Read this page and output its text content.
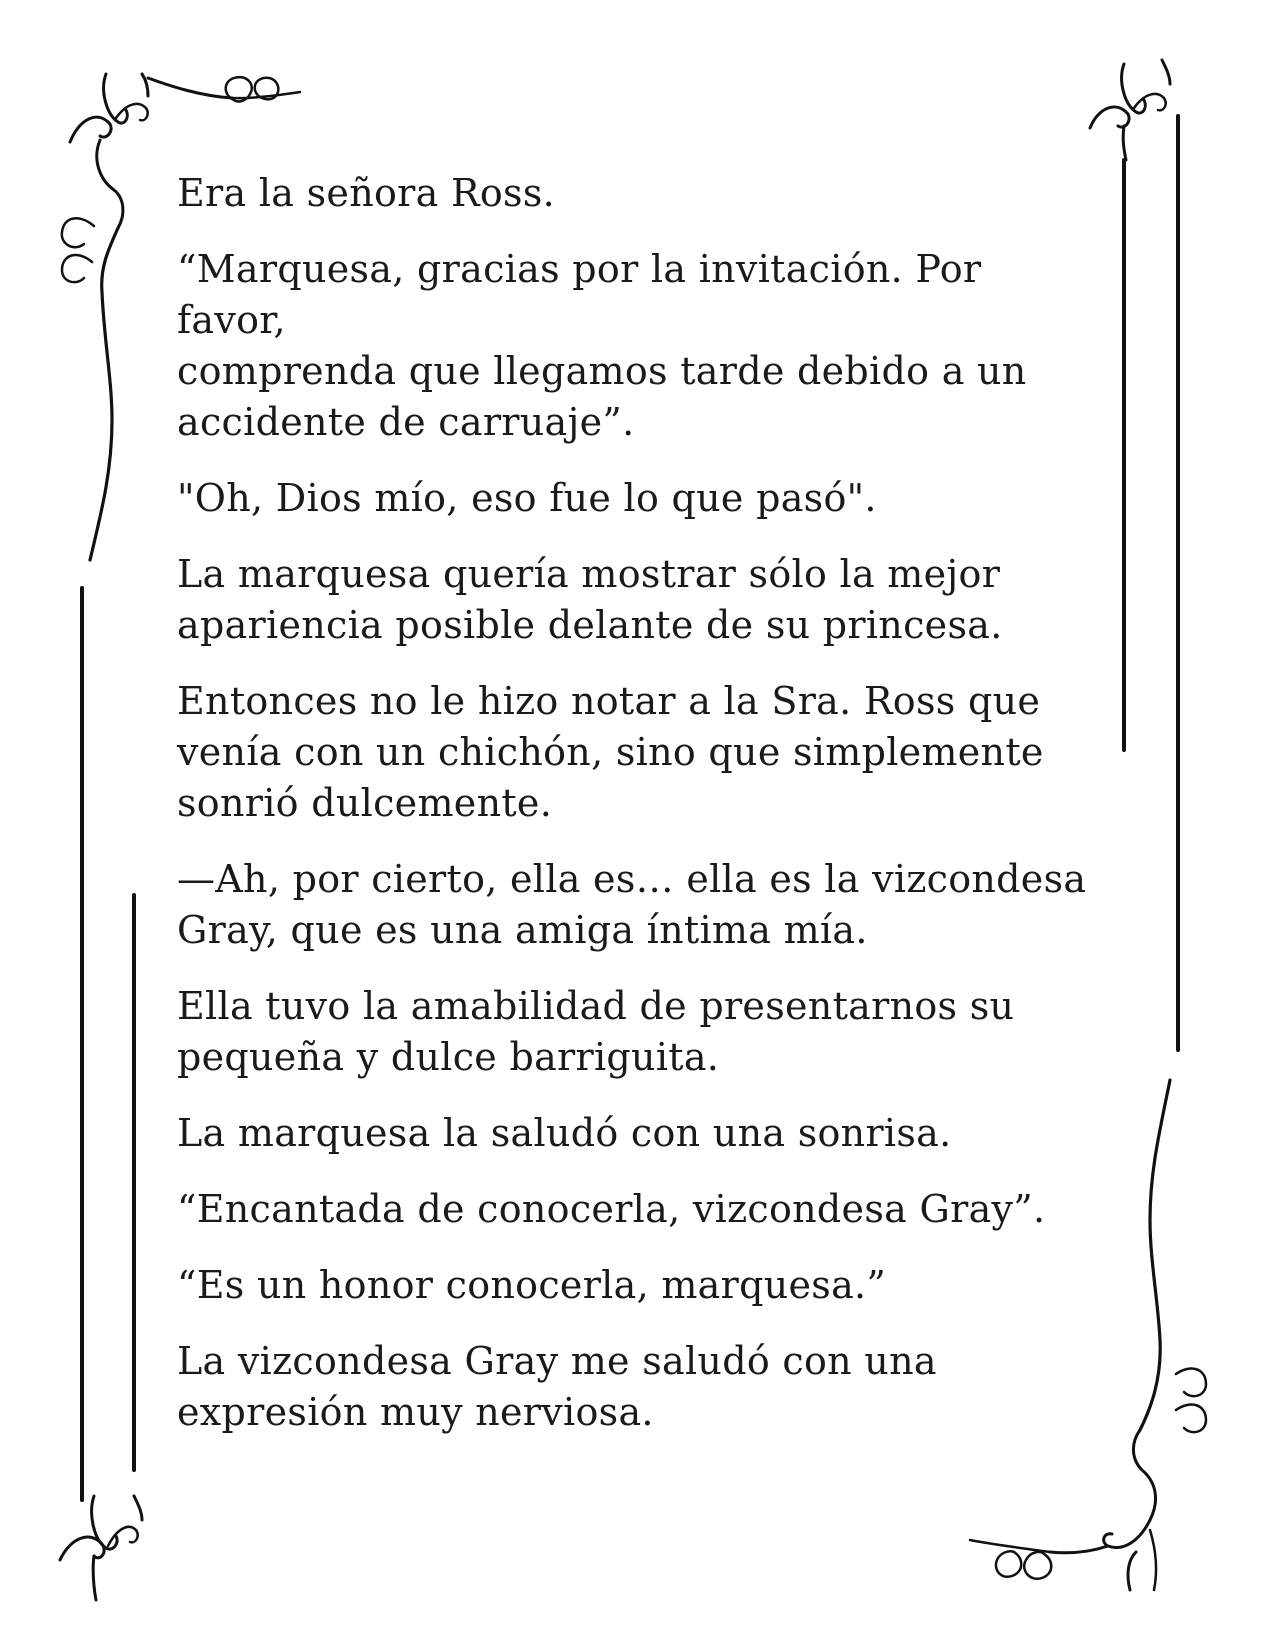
Era la señora Ross.

“Marquesa, gracias por la invitación. Por favor,
comprenda que llegamos tarde debido a un
accidente de carruaje”.

"Oh, Dios mío, eso fue lo que pasó".

La marquesa quería mostrar sólo la mejor
apariencia posible delante de su princesa.

Entonces no le hizo notar a la Sra. Ross que
venía con un chichón, sino que simplemente
sonrió dulcemente.

—Ah, por cierto, ella es… ella es la vizcondesa
Gray, que es una amiga íntima mía.

Ella tuvo la amabilidad de presentarnos su
pequeña y dulce barriguita.

La marquesa la saludó con una sonrisa.

“Encantada de conocerla, vizcondesa Gray”.

“Es un honor conocerla, marquesa.”

La vizcondesa Gray me saludó con una
expresión muy nerviosa.
